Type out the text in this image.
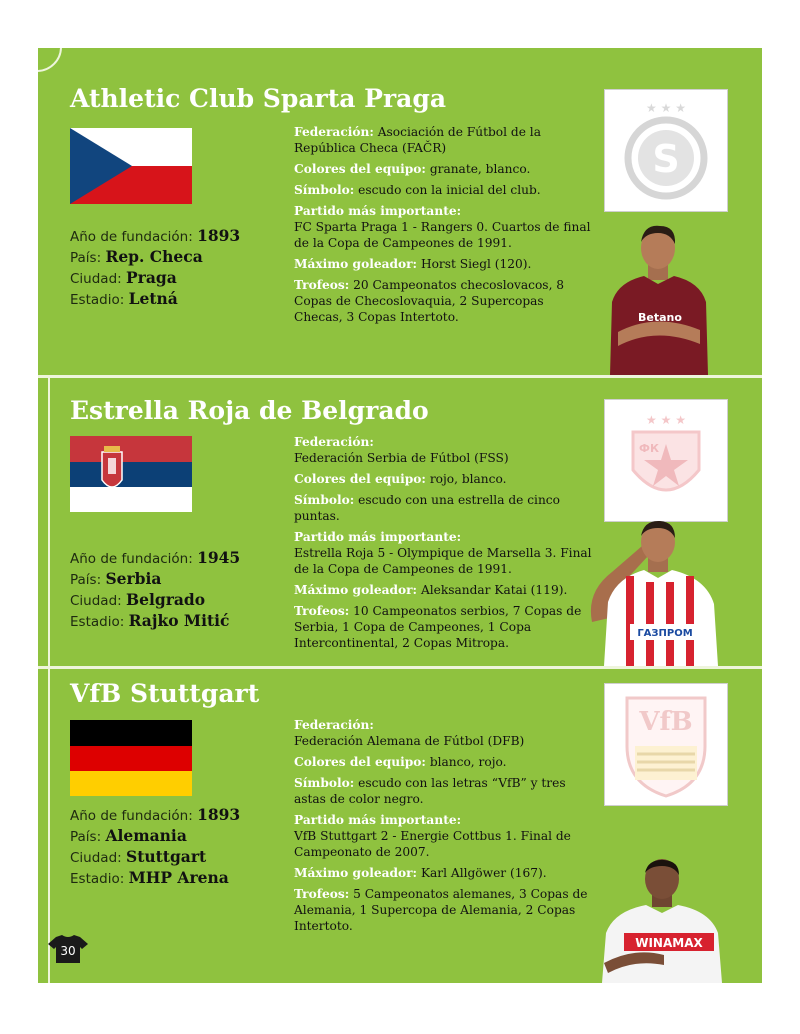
Athletic Club Sparta Praga
Año de fundación: 1893
País: Rep. Checa
Ciudad: Praga
Estadio: Letná

Federación: Asociación de Fútbol de la República Checa (FAČR)

Colores del equipo: granate, blanco.

Símbolo: escudo con la inicial del club.

Partido más importante:
FC Sparta Praga 1 - Rangers 0. Cuartos de final de la Copa de Campeones de 1991.

Máximo goleador: Horst Siegl (120).

Trofeos: 20 Campeonatos checoslovacos, 8 Copas de Checoslovaquia, 2 Supercopas Checas, 3 Copas Intertoto.

★ ★ ★
S
Betano
Estrella Roja de Belgrado
Año de fundación: 1945
País: Serbia
Ciudad: Belgrado
Estadio: Rajko Mitić

Federación:
Federación Serbia de Fútbol (FSS)

Colores del equipo: rojo, blanco.

Símbolo: escudo con una estrella de cinco puntas.

Partido más importante:
Estrella Roja 5 - Olympique de Marsella 3. Final de la Copa de Campeones de 1991.

Máximo goleador: Aleksandar Katai (119).

Trofeos: 10 Campeonatos serbios, 7 Copas de Serbia, 1 Copa de Campeones, 1 Copa Intercontinental, 2 Copas Mitropa.

★ ★ ★
ФК
ГАЗПРОМ
VfB Stuttgart
Año de fundación: 1893
País: Alemania
Ciudad: Stuttgart
Estadio: MHP Arena

Federación:
Federación Alemana de Fútbol (DFB)

Colores del equipo: blanco, rojo.

Símbolo: escudo con las letras “VfB” y tres astas de color negro.

Partido más importante:
VfB Stuttgart 2 - Energie Cottbus 1. Final de Campeonato de 2007.

Máximo goleador: Karl Allgöwer (167).

Trofeos: 5 Campeonatos alemanes, 3 Copas de Alemania, 1 Supercopa de Alemania, 2 Copas Intertoto.

VfB
WINAMAX
30
